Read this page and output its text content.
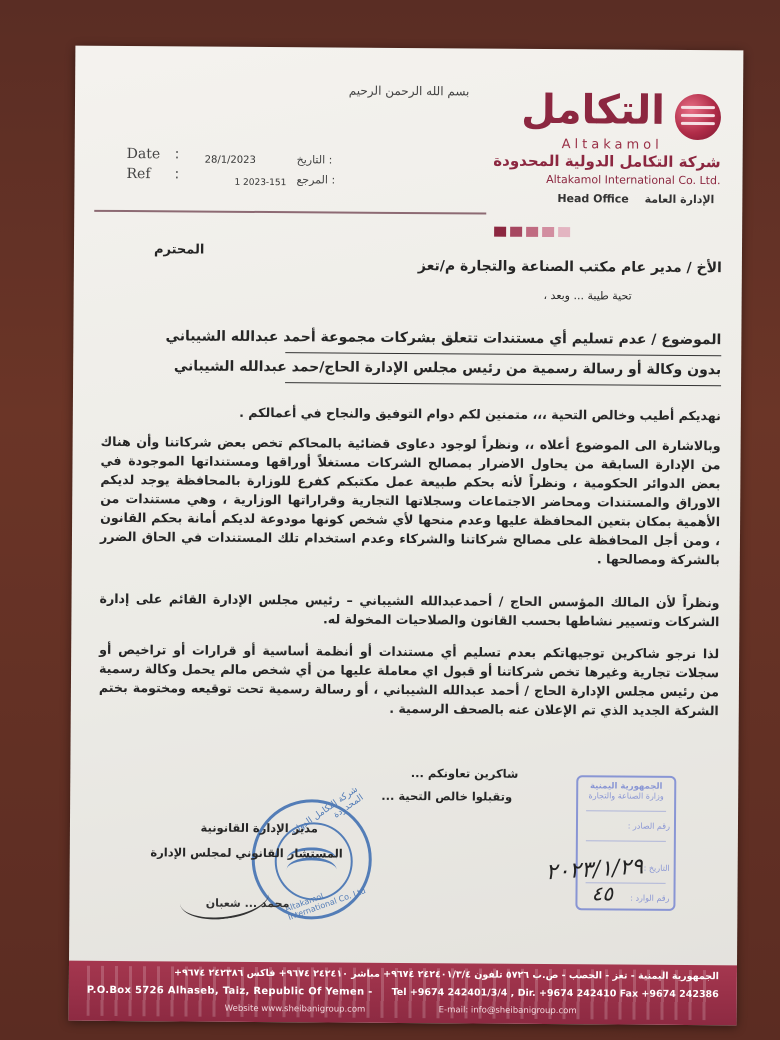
بسم الله الرحمن الرحيم	التكامل
Altakamol
شركة التكامل الدولية المحدودة
Altakamol International Co. Ltd.
Head Office الإدارة العامة
Date :
Ref :
28/1/2023
1 2023-151
: التاريخ
: المرجع
الأخ / مدير عام مكتب الصناعة والتجارة م/تعز
المحترم
تحية طيبة ... وبعد ،
الموضوع / عدم تسليم أي مستندات تتعلق بشركات مجموعة أحمد عبدالله الشيباني
بدون وكالة أو رسالة رسمية من رئيس مجلس الإدارة الحاج/حمد عبدالله الشيباني
نهديكم أطيب وخالص التحية ،،، متمنين لكم دوام التوفيق والنجاح في أعمالكم .
وبالاشارة الى الموضوع أعلاه ،، ونظراً لوجود دعاوى قضائية بالمحاكم تخص بعض شركاتنا وأن هناك من الإدارة السابقة من يحاول الاضرار بمصالح الشركات مستغلاً أوراقها ومستنداتها الموجودة في بعض الدوائر الحكومية ، ونظراً لأنه بحكم طبيعة عمل مكتبكم كفرع للوزارة بالمحافظة يوجد لديكم الاوراق والمستندات ومحاضر الاجتماعات وسجلاتها التجارية وقراراتها الوزارية ، وهي مستندات من الأهمية بمكان بتعين المحافظة عليها وعدم منحها لأي شخص كونها مودوعة لديكم أمانة بحكم القانون ، ومن أجل المحافظة على مصالح شركاتنا والشركاء وعدم استخدام تلك المستندات في الحاق الضرر بالشركة ومصالحها .
ونظراً لأن المالك المؤسس الحاج / أحمدعبدالله الشيباني – رئيس مجلس الإدارة القائم على إدارة الشركات وتسيير نشاطها بحسب القانون والصلاحيات المخولة له.
لذا نرجو شاكرين توجيهاتكم بعدم تسليم أي مستندات أو أنظمة أساسية أو قرارات أو تراخيص أو سجلات تجارية وغيرها تخص شركاتنا أو قبول اي معاملة عليها من أي شخص مالم يحمل وكالة رسمية من رئيس مجلس الإدارة الحاج / أحمد عبدالله الشيباني ، أو رسالة رسمية تحت توقيعه ومختومة بختم الشركة الجديد الذي تم الإعلان عنه بالصحف الرسمية .
شاكرين تعاونكم ...
وتقبلوا خالص التحية ...
الجمهورية اليمنية
وزارة الصناعة والتجارة
رقم الصادر :
التاريخ :
رقم الوارد :
٢٠٢٣/١/٢٩
٤٥
شركة التكامل الدولية المحدودة
Altakamol International Co. Ltd
مدير الإدارة القانونية
المستشار القانوني لمجلس الإدارة
محمد ... شعبان
الجمهورية اليمنية - تعز - الحصب - ص.ب ٥٧٢٦ تلفون ٢٤٢٤٠١/٣/٤ ٩٦٧٤+ مباشر ٢٤٢٤١٠ ٩٦٧٤+ فاكس ٢٤٢٣٨٦ ٩٦٧٤+
P.O.Box 5726 Alhaseb, Taiz, Republic Of Yemen - Tel +9674 242401/3/4 , Dir. +9674 242410 Fax +9674 242386
Website www.sheibanigroup.com	E-mail: info@sheibanigroup.com
